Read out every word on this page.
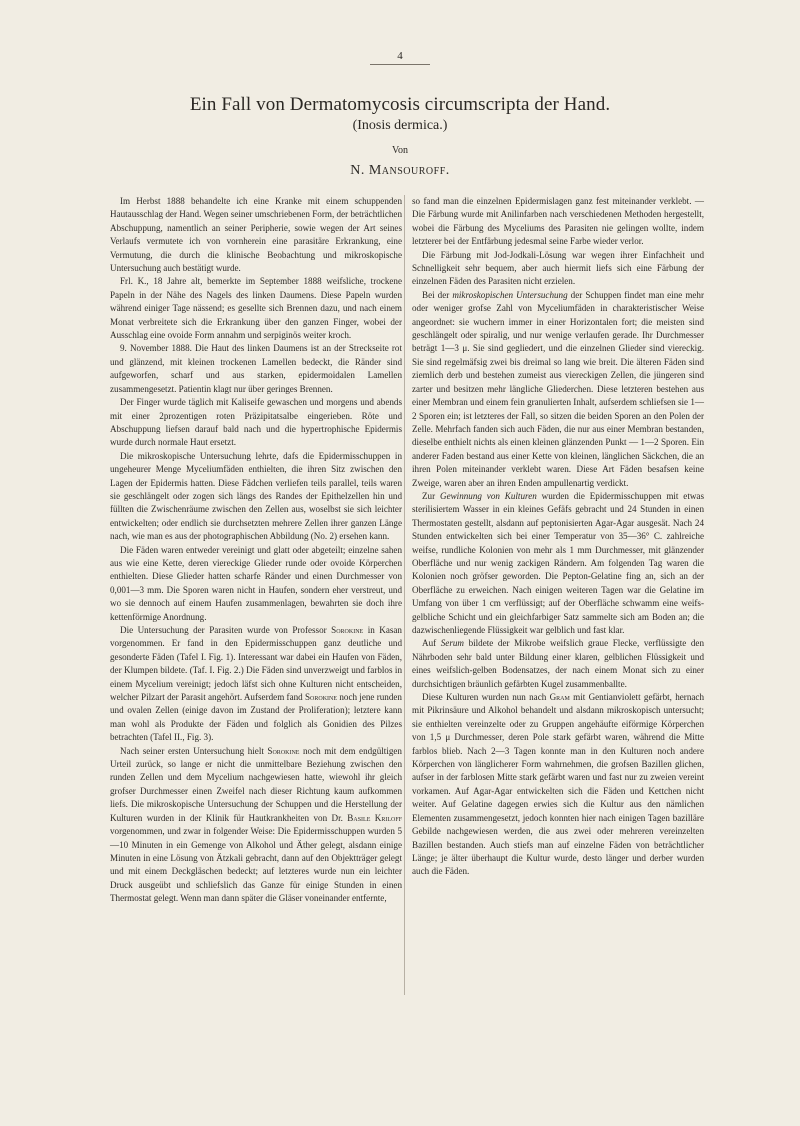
4
Ein Fall von Dermatomycosis circumscripta der Hand.
(Inosis dermica.)
Von
N. Mansouroff.

Im Herbst 1888 behandelte ich eine Kranke mit einem schuppenden Hautausschlag der Hand. Wegen seiner umschriebenen Form, der beträchtlichen Abschuppung, namentlich an seiner Peripherie, sowie wegen der Art seines Verlaufs vermutete ich von vornherein eine parasitäre Erkrankung, eine Vermutung, die durch die klinische Beobachtung und mikroskopische Untersuchung auch bestätigt wurde.

Frl. K., 18 Jahre alt, bemerkte im September 1888 weifsliche, trockene Papeln in der Nähe des Nagels des linken Daumens. Diese Papeln wurden während einiger Tage nässend; es gesellte sich Brennen dazu, und nach einem Monat verbreitete sich die Erkrankung über den ganzen Finger, wobei der Ausschlag eine ovoide Form annahm und serpiginös weiter kroch.

9. November 1888. Die Haut des linken Daumens ist an der Streckseite rot und glänzend, mit kleinen trockenen Lamellen bedeckt, die Ränder sind aufgeworfen, scharf und aus starken, epidermoidalen Lamellen zusammengesetzt. Patientin klagt nur über geringes Brennen.

Der Finger wurde täglich mit Kaliseife gewaschen und morgens und abends mit einer 2prozentigen roten Präzipitatsalbe eingerieben. Röte und Abschuppung liefsen darauf bald nach und die hypertrophische Epidermis wurde durch normale Haut ersetzt.

Die mikroskopische Untersuchung lehrte, dafs die Epidermisschuppen in ungeheurer Menge Myceliumfäden enthielten, die ihren Sitz zwischen den Lagen der Epidermis hatten. Diese Fädchen verliefen teils parallel, teils waren sie geschlängelt oder zogen sich längs des Randes der Epithelzellen hin und füllten die Zwischenräume zwischen den Zellen aus, woselbst sie sich leichter entwickelten; oder endlich sie durchsetzten mehrere Zellen ihrer ganzen Länge nach, wie man es aus der photographischen Abbildung (No. 2) ersehen kann.

Die Fäden waren entweder vereinigt und glatt oder abgeteilt; einzelne sahen aus wie eine Kette, deren viereckige Glieder runde oder ovoide Körperchen enthielten. Diese Glieder hatten scharfe Ränder und einen Durchmesser von 0,001—3 mm. Die Sporen waren nicht in Haufen, sondern eher verstreut, und wo sie dennoch auf einem Haufen zusammenlagen, bewahrten sie doch ihre kettenförmige Anordnung.

Die Untersuchung der Parasiten wurde von Professor Sorokine in Kasan vorgenommen. Er fand in den Epidermisschuppen ganz deutliche und gesonderte Fäden (Tafel I. Fig. 1). Interessant war dabei ein Haufen von Fäden, der Klumpen bildete. (Taf. I. Fig. 2.) Die Fäden sind unverzweigt und farblos in einem Mycelium vereinigt; jedoch läfst sich ohne Kulturen nicht entscheiden, welcher Pilzart der Parasit angehört. Aufserdem fand Sorokine noch jene runden und ovalen Zellen (einige davon im Zustand der Proliferation); letztere kann man wohl als Produkte der Fäden und folglich als Gonidien des Pilzes betrachten (Tafel II., Fig. 3).

Nach seiner ersten Untersuchung hielt Sorokine noch mit dem endgültigen Urteil zurück, so lange er nicht die unmittelbare Beziehung zwischen den runden Zellen und dem Mycelium nachgewiesen hatte, wiewohl ihr gleich grofser Durchmesser einen Zweifel nach dieser Richtung kaum aufkommen liefs. Die mikroskopische Untersuchung der Schuppen und die Herstellung der Kulturen wurden in der Klinik für Hautkrankheiten von Dr. Basile Kriloff vorgenommen, und zwar in folgender Weise: Die Epidermisschuppen wurden 5—10 Minuten in ein Gemenge von Alkohol und Äther gelegt, alsdann einige Minuten in eine Lösung von Ätzkali gebracht, dann auf den Objektträger gelegt und mit einem Deckgläschen bedeckt; auf letzteres wurde nun ein leichter Druck ausgeübt und schliefslich das Ganze für einige Stunden in einen Thermostat gelegt. Wenn man dann später die Gläser voneinander entfernte,

so fand man die einzelnen Epidermislagen ganz fest miteinander verklebt. — Die Färbung wurde mit Anilinfarben nach verschiedenen Methoden hergestellt, wobei die Färbung des Myceliums des Parasiten nie gelingen wollte, indem letzterer bei der Entfärbung jedesmal seine Farbe wieder verlor.

Die Färbung mit Jod-Jodkali-Lösung war wegen ihrer Einfachheit und Schnelligkeit sehr bequem, aber auch hiermit liefs sich eine Färbung der einzelnen Fäden des Parasiten nicht erzielen.

Bei der mikroskopischen Untersuchung der Schuppen findet man eine mehr oder weniger grofse Zahl von Myceliumfäden in charakteristischer Weise angeordnet: sie wuchern immer in einer Horizontalen fort; die meisten sind geschlängelt oder spiralig, und nur wenige verlaufen gerade. Ihr Durchmesser beträgt 1—3 μ. Sie sind gegliedert, und die einzelnen Glieder sind viereckig. Sie sind regelmäfsig zwei bis dreimal so lang wie breit. Die älteren Fäden sind ziemlich derb und bestehen zumeist aus viereckigen Zellen, die jüngeren sind zarter und besitzen mehr längliche Gliederchen. Diese letzteren bestehen aus einer Membran und einem fein granulierten Inhalt, aufserdem schliefsen sie 1—2 Sporen ein; ist letzteres der Fall, so sitzen die beiden Sporen an den Polen der Zelle. Mehrfach fanden sich auch Fäden, die nur aus einer Membran bestanden, dieselbe enthielt nichts als einen kleinen glänzenden Punkt — 1—2 Sporen. Ein anderer Faden bestand aus einer Kette von kleinen, länglichen Säckchen, die an ihren Polen miteinander verklebt waren. Diese Art Fäden besafsen keine Zweige, waren aber an ihren Enden ampullenartig verdickt.

Zur Gewinnung von Kulturen wurden die Epidermisschuppen mit etwas sterilisiertem Wasser in ein kleines Gefäfs gebracht und 24 Stunden in einen Thermostaten gestellt, alsdann auf peptonisierten Agar-Agar ausgesät. Nach 24 Stunden entwickelten sich bei einer Temperatur von 35—36° C. zahlreiche weifse, rundliche Kolonien von mehr als 1 mm Durchmesser, mit glänzender Oberfläche und nur wenig zackigen Rändern. Am folgenden Tag waren die Kolonien noch gröfser geworden. Die Pepton-Gelatine fing an, sich an der Oberfläche zu erweichen. Nach einigen weiteren Tagen war die Gelatine im Umfang von über 1 cm verflüssigt; auf der Oberfläche schwamm eine weifs-gelbliche Schicht und ein gleichfarbiger Satz sammelte sich am Boden an; die dazwischenliegende Flüssigkeit war gelblich und fast klar.

Auf Serum bildete der Mikrobe weifslich graue Flecke, verflüssigte den Nährboden sehr bald unter Bildung einer klaren, gelblichen Flüssigkeit und eines weifslich-gelben Bodensatzes, der nach einem Monat sich zu einer durchsichtigen bräunlich gefärbten Kugel zusammenballte.

Diese Kulturen wurden nun nach Gram mit Gentianviolett gefärbt, hernach mit Pikrinsäure und Alkohol behandelt und alsdann mikroskopisch untersucht; sie enthielten vereinzelte oder zu Gruppen angehäufte eiförmige Körperchen von 1,5 μ Durchmesser, deren Pole stark gefärbt waren, während die Mitte farblos blieb. Nach 2—3 Tagen konnte man in den Kulturen noch andere Körperchen von länglicherer Form wahrnehmen, die grofsen Bazillen glichen, aufser in der farblosen Mitte stark gefärbt waren und fast nur zu zweien vereint vorkamen. Auf Agar-Agar entwickelten sich die Fäden und Kettchen nicht weiter. Auf Gelatine dagegen erwies sich die Kultur aus den nämlichen Elementen zusammengesetzt, jedoch konnten hier nach einigen Tagen bazilläre Gebilde nachgewiesen werden, die aus zwei oder mehreren vereinzelten Bazillen bestanden. Auch stiefs man auf einzelne Fäden von beträchtlicher Länge; je älter überhaupt die Kultur wurde, desto länger und derber wurden auch die Fäden.
